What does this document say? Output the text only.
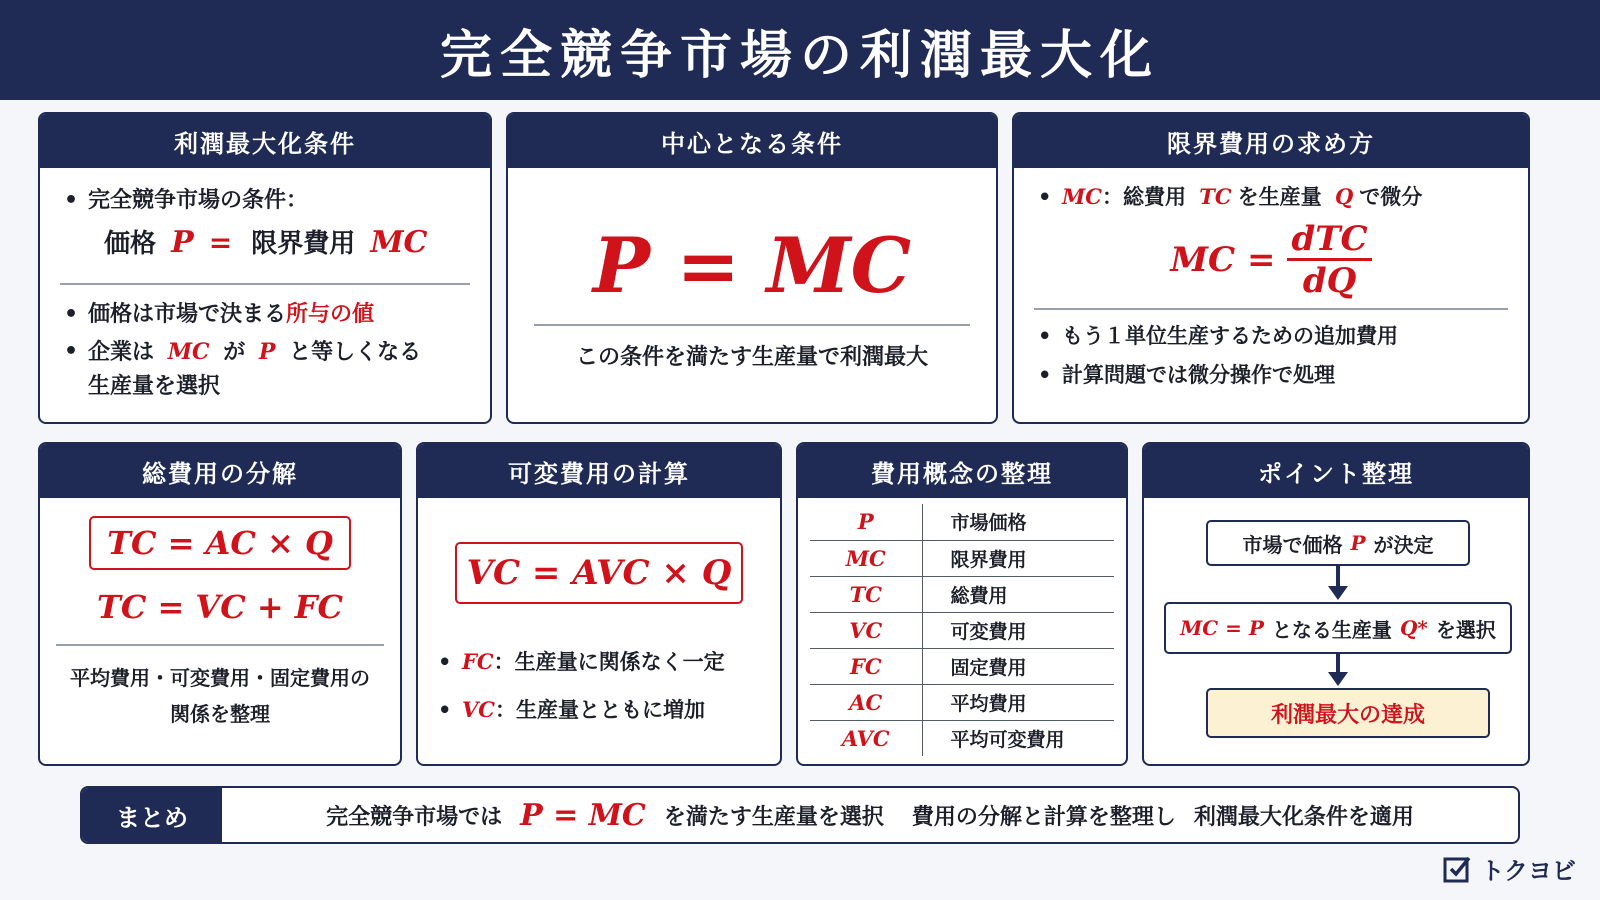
完全競争市場の利潤最大化
利潤最大化条件
• 完全競争市場の条件：
価格 P = 限界費用 MC
• 価格は市場で決まる所与の値
• 企業は MC が P と等しくなる
生産量を選択
中心となる条件
P = MC
この条件を満たす生産量で利潤最大
限界費用の求め方
• MC：総費用 TC を生産量 Q で微分
MC =
dTC
dQ
• もう１単位生産するための追加費用
• 計算問題では微分操作で処理
総費用の分解
TC = AC × Q
TC = VC + FC
平均費用・可変費用・固定費用の
関係を整理
可変費用の計算
VC = AVC × Q
• FC：生産量に関係なく一定
• VC：生産量とともに増加
費用概念の整理
P	市場価格
MC	限界費用
TC	総費用
VC	可変費用
FC	固定費用
AC	平均費用
AVC	平均可変費用
ポイント整理
市場で価格 P が決定
MC = P となる生産量 Q* を選択
利潤最大の達成
まとめ	完全競争市場では P = MC を満たす生産量を選択 費用の分解と計算を整理し 利潤最大化条件を適用
トクヨビ
